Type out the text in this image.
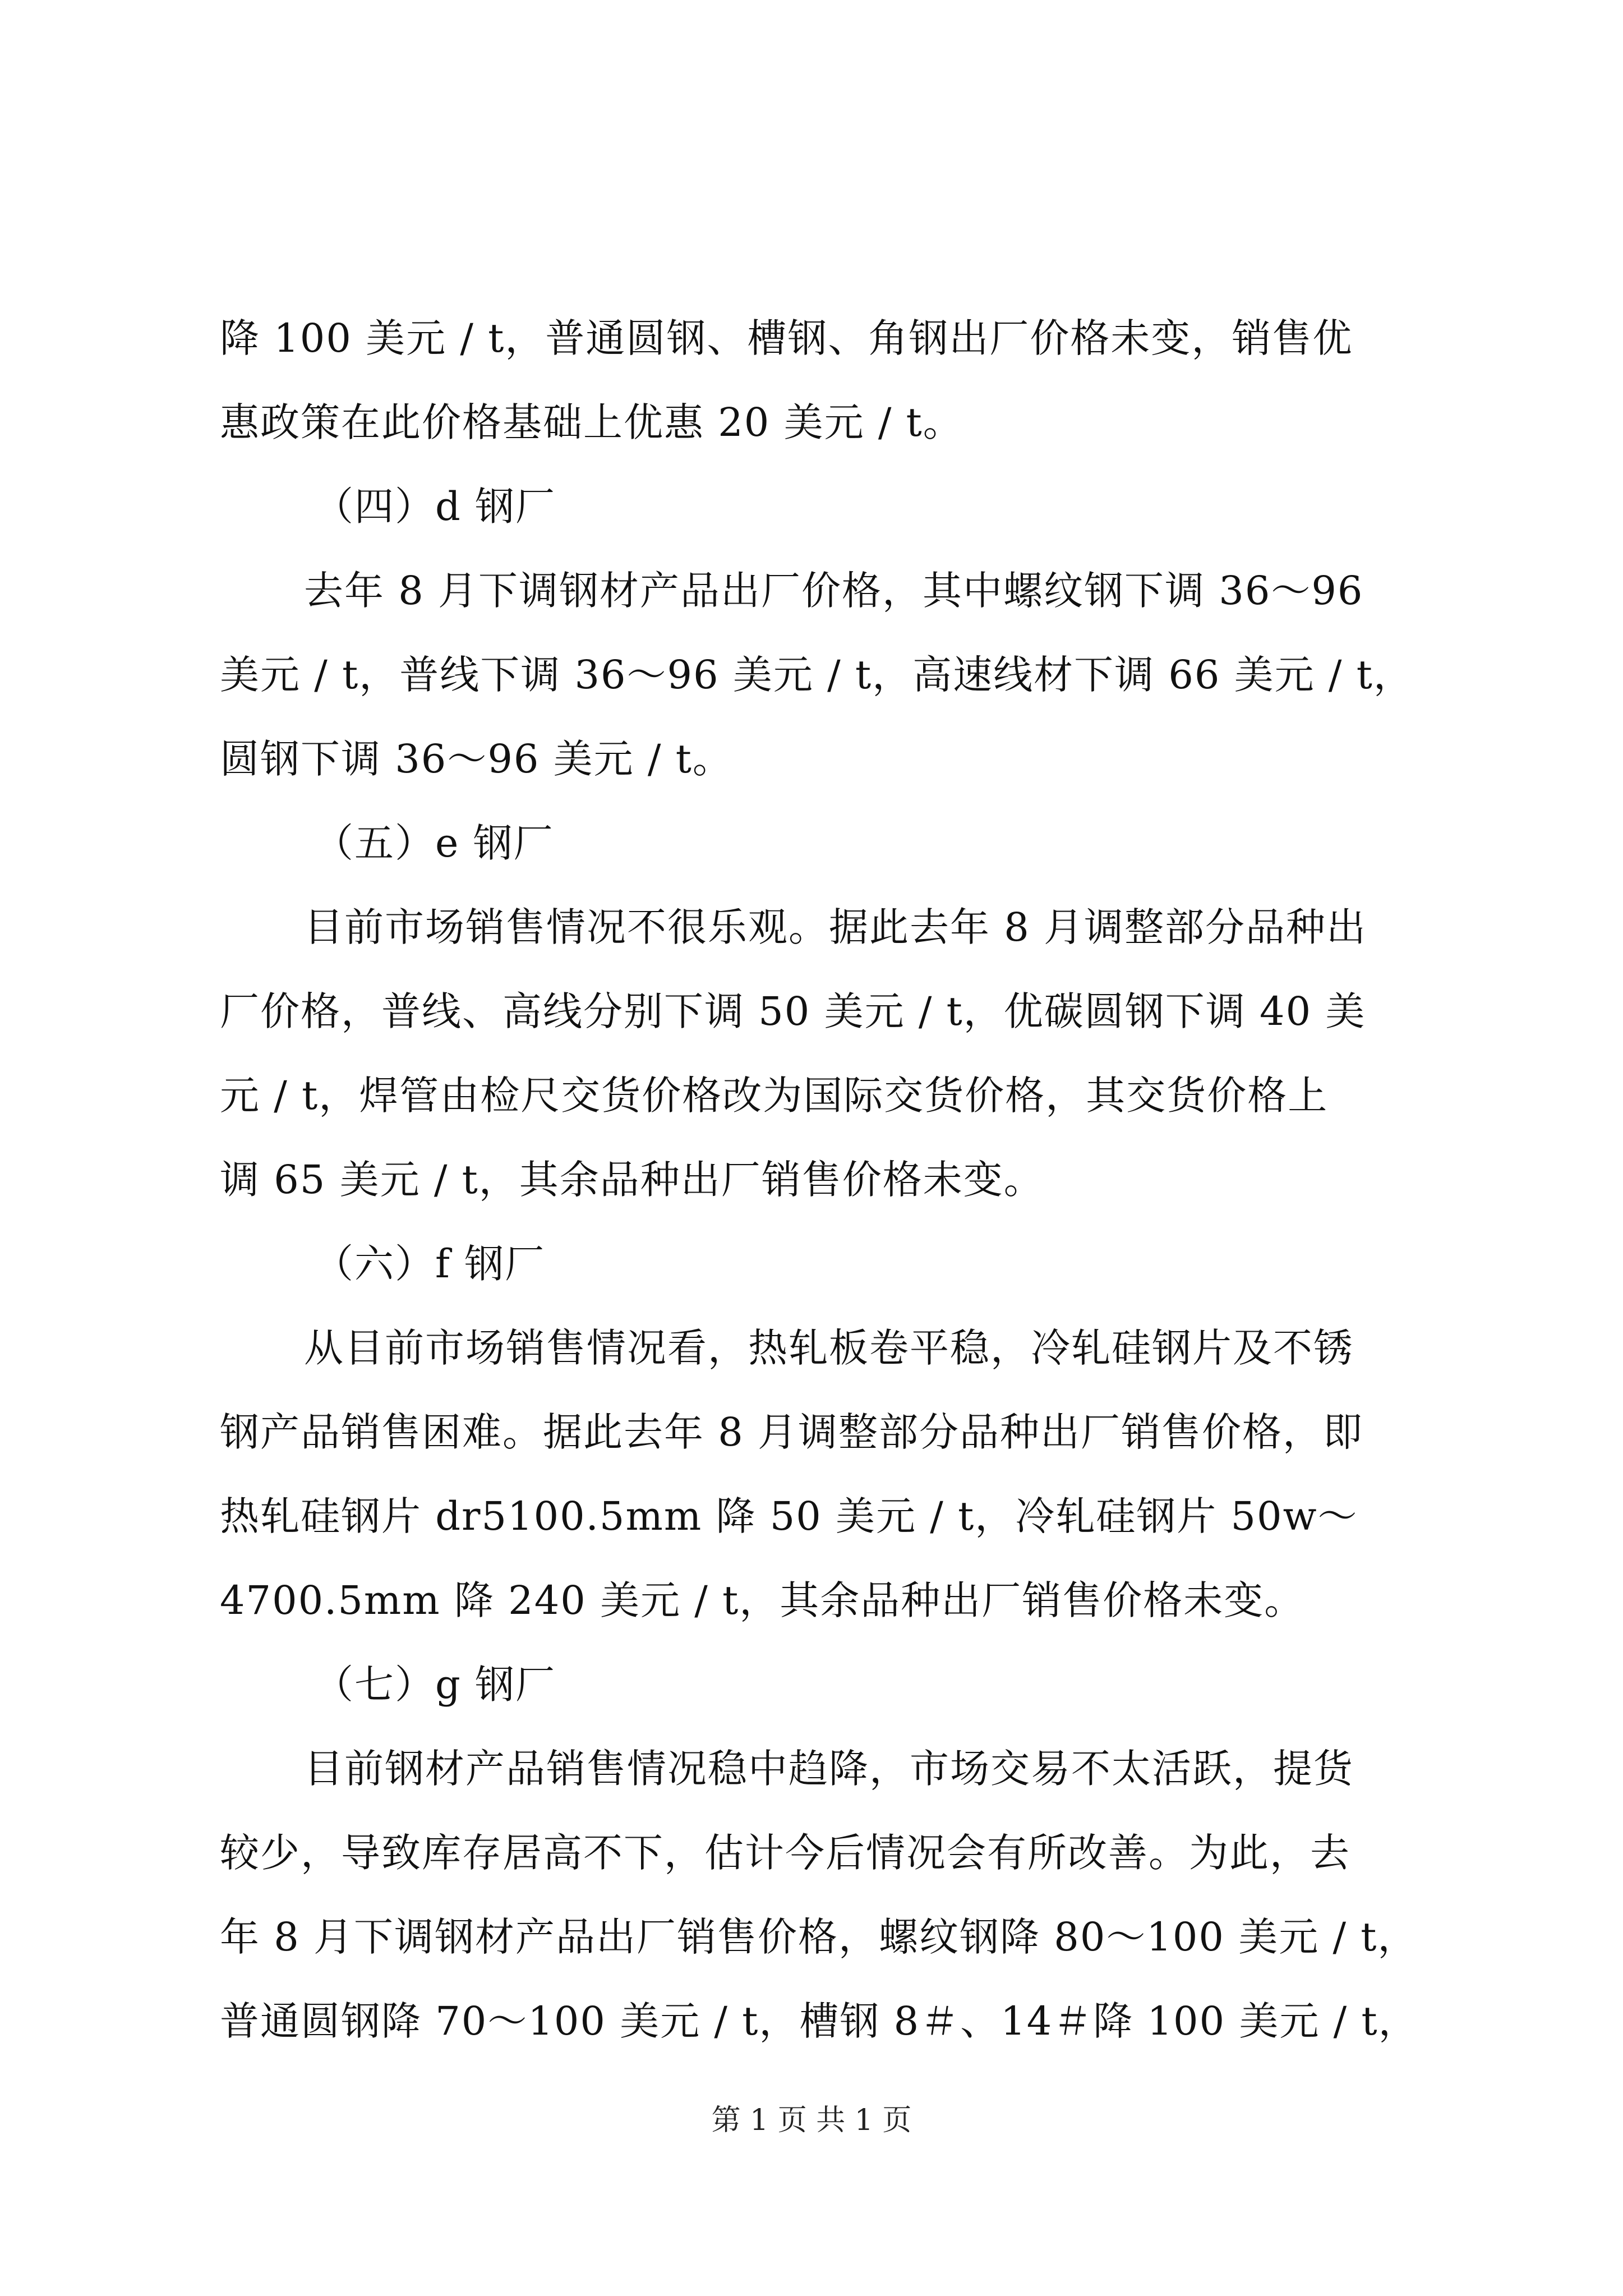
降 100 美元 / t，普通圆钢、槽钢、角钢出厂价格未变，销售优
惠政策在此价格基础上优惠 20 美元 / t。
（四）d 钢厂
去年 8 月下调钢材产品出厂价格，其中螺纹钢下调 36～96
美元 / t，普线下调 36～96 美元 / t，高速线材下调 66 美元 / t，
圆钢下调 36～96 美元 / t。
（五）e 钢厂
目前市场销售情况不很乐观。据此去年 8 月调整部分品种出
厂价格，普线、高线分别下调 50 美元 / t，优碳圆钢下调 40 美
元 / t，焊管由检尺交货价格改为国际交货价格，其交货价格上
调 65 美元 / t，其余品种出厂销售价格未变。
（六）f 钢厂
从目前市场销售情况看，热轧板卷平稳，冷轧硅钢片及不锈
钢产品销售困难。据此去年 8 月调整部分品种出厂销售价格，即
热轧硅钢片 dr5100.5mm 降 50 美元 / t，冷轧硅钢片 50w～
4700.5mm 降 240 美元 / t，其余品种出厂销售价格未变。
（七）g 钢厂
目前钢材产品销售情况稳中趋降，市场交易不太活跃，提货
较少，导致库存居高不下，估计今后情况会有所改善。为此，去
年 8 月下调钢材产品出厂销售价格，螺纹钢降 80～100 美元 / t，
普通圆钢降 70～100 美元 / t，槽钢 8＃、14＃降 100 美元 / t，
第 1 页 共 1 页
